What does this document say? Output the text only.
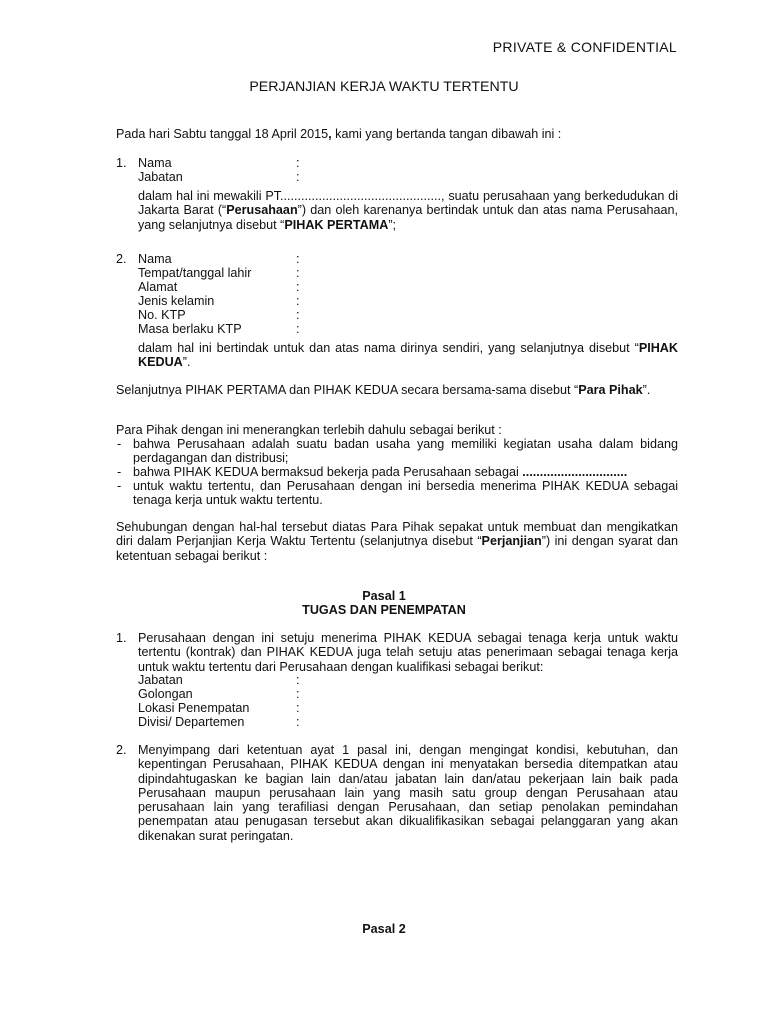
PRIVATE & CONFIDENTIAL
PERJANJIAN KERJA WAKTU TERTENTU
Pada hari Sabtu tanggal 18 April 2015, kami yang bertanda tangan dibawah ini :
1. Nama	:
Jabatan	:
dalam hal ini mewakili PT.............................................., suatu perusahaan yang berkedudukan di Jakarta Barat (“Perusahaan”) dan oleh karenanya bertindak untuk dan atas nama Perusahaan, yang selanjutnya disebut “PIHAK PERTAMA”;
2. Nama	:
Tempat/tanggal lahir	:
Alamat	:
Jenis kelamin	:
No. KTP	:
Masa berlaku KTP	:
dalam hal ini bertindak untuk dan atas nama dirinya sendiri, yang selanjutnya disebut “PIHAK KEDUA”.
Selanjutnya PIHAK PERTAMA dan PIHAK KEDUA secara bersama-sama disebut “Para Pihak”.
Para Pihak dengan ini menerangkan terlebih dahulu sebagai berikut :
- bahwa Perusahaan adalah suatu badan usaha yang memiliki kegiatan usaha dalam bidang perdagangan dan distribusi;
- bahwa PIHAK KEDUA bermaksud bekerja pada Perusahaan sebagai ..............................
- untuk waktu tertentu, dan Perusahaan dengan ini bersedia menerima PIHAK KEDUA sebagai tenaga kerja untuk waktu tertentu.
Sehubungan dengan hal-hal tersebut diatas Para Pihak sepakat untuk membuat dan mengikatkan diri dalam Perjanjian Kerja Waktu Tertentu (selanjutnya disebut “Perjanjian”) ini dengan syarat dan ketentuan sebagai berikut :
Pasal 1
TUGAS DAN PENEMPATAN
1. Perusahaan dengan ini setuju menerima PIHAK KEDUA sebagai tenaga kerja untuk waktu tertentu (kontrak) dan PIHAK KEDUA juga telah setuju atas penerimaan sebagai tenaga kerja untuk waktu tertentu dari Perusahaan dengan kualifikasi sebagai berikut:
Jabatan	:
Golongan	:
Lokasi Penempatan	:
Divisi/ Departemen	:
2. Menyimpang dari ketentuan ayat 1 pasal ini, dengan mengingat kondisi, kebutuhan, dan kepentingan Perusahaan, PIHAK KEDUA dengan ini menyatakan bersedia ditempatkan atau dipindahtugaskan ke bagian lain dan/atau jabatan lain dan/atau pekerjaan lain baik pada Perusahaan maupun perusahaan lain yang masih satu group dengan Perusahaan atau perusahaan lain yang terafiliasi dengan Perusahaan, dan setiap penolakan pemindahan penempatan atau penugasan tersebut akan dikualifikasikan sebagai pelanggaran yang akan dikenakan surat peringatan.
Pasal 2
